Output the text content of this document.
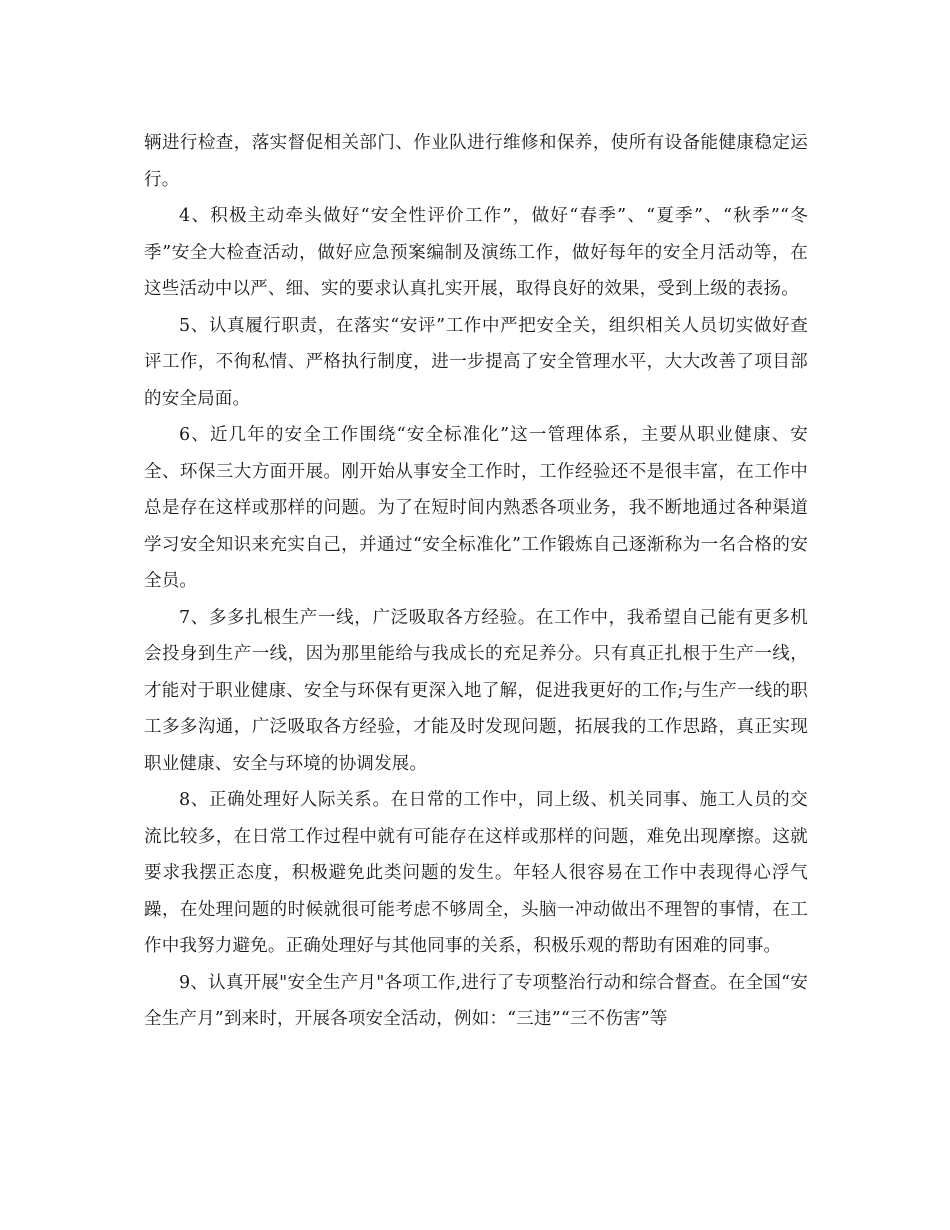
辆进行检查，落实督促相关部门、作业队进行维修和保养，使所有设备能健康稳定运行。

4、积极主动牵头做好“安全性评价工作”，做好“春季”、“夏季”、“秋季”“冬季”安全大检查活动，做好应急预案编制及演练工作，做好每年的安全月活动等，在这些活动中以严、细、实的要求认真扎实开展，取得良好的效果，受到上级的表扬。

5、认真履行职责，在落实“安评”工作中严把安全关，组织相关人员切实做好查评工作，不徇私情、严格执行制度，进一步提高了安全管理水平，大大改善了项目部的安全局面。

6、近几年的安全工作围绕“安全标准化”这一管理体系，主要从职业健康、安全、环保三大方面开展。刚开始从事安全工作时，工作经验还不是很丰富，在工作中总是存在这样或那样的问题。为了在短时间内熟悉各项业务，我不断地通过各种渠道学习安全知识来充实自己，并通过“安全标准化”工作锻炼自己逐渐称为一名合格的安全员。

7、多多扎根生产一线，广泛吸取各方经验。在工作中，我希望自己能有更多机会投身到生产一线，因为那里能给与我成长的充足养分。只有真正扎根于生产一线，才能对于职业健康、安全与环保有更深入地了解，促进我更好的工作;与生产一线的职工多多沟通，广泛吸取各方经验，才能及时发现问题，拓展我的工作思路，真正实现职业健康、安全与环境的协调发展。

8、正确处理好人际关系。在日常的工作中，同上级、机关同事、施工人员的交流比较多，在日常工作过程中就有可能存在这样或那样的问题，难免出现摩擦。这就要求我摆正态度，积极避免此类问题的发生。年轻人很容易在工作中表现得心浮气躁，在处理问题的时候就很可能考虑不够周全，头脑一冲动做出不理智的事情，在工作中我努力避免。正确处理好与其他同事的关系，积极乐观的帮助有困难的同事。

9、认真开展"安全生产月"各项工作,进行了专项整治行动和综合督查。在全国“安全生产月”到来时，开展各项安全活动，例如：“三违”“三不伤害”等
